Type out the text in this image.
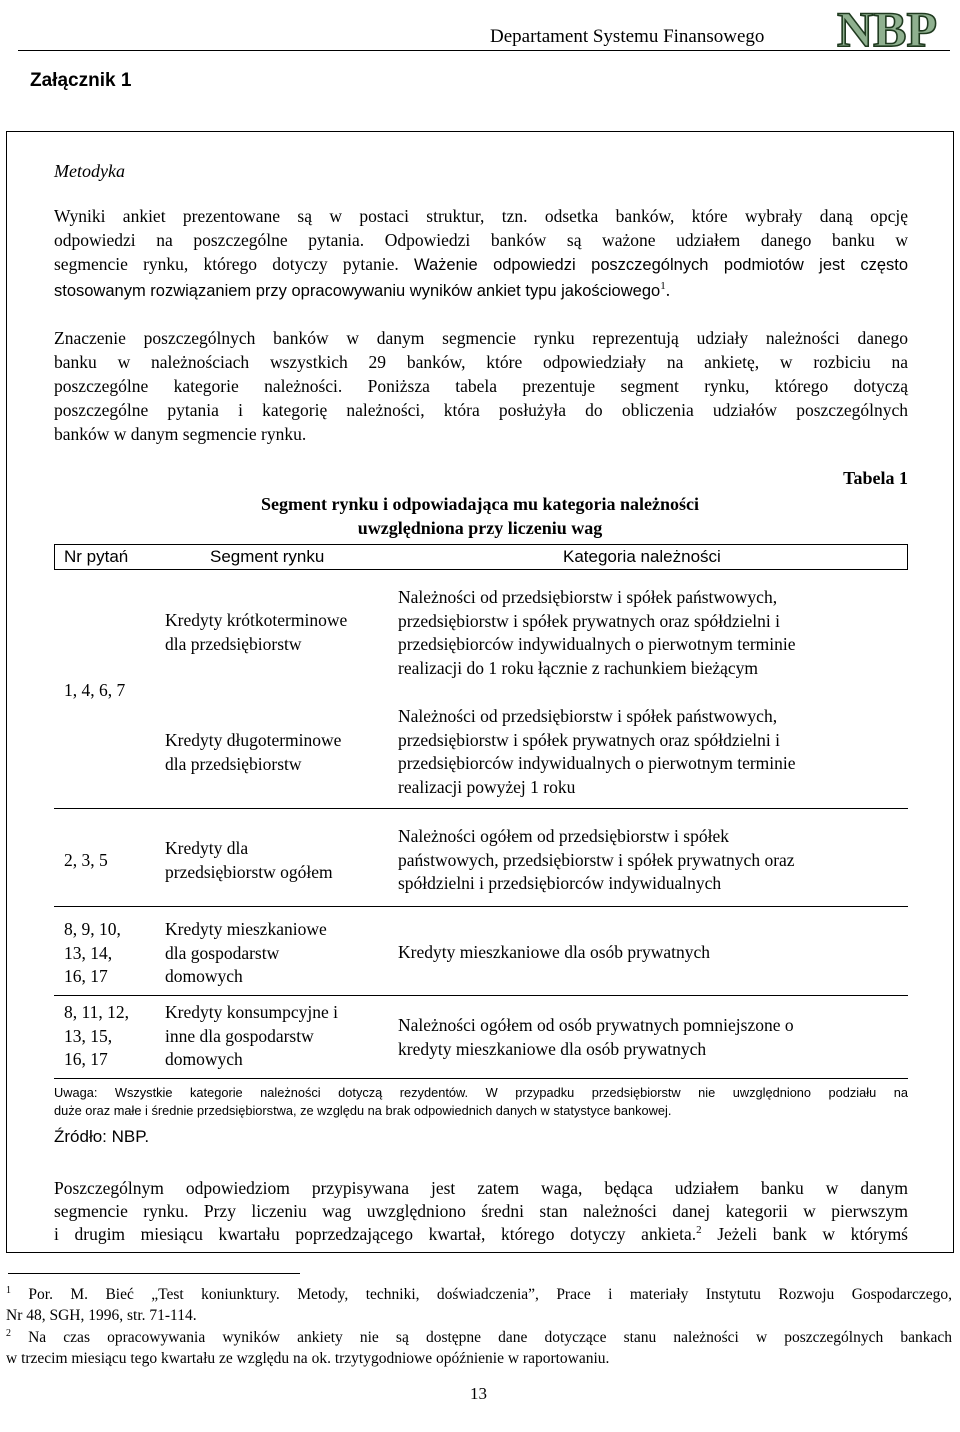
Departament Systemu Finansowego NBP
Załącznik 1
Metodyka
Wyniki ankiet prezentowane są w postaci struktur, tzn. odsetka banków, które wybrały daną opcję
odpowiedzi na poszczególne pytania. Odpowiedzi banków są ważone udziałem danego banku w
segmencie rynku, którego dotyczy pytanie. Ważenie odpowiedzi poszczególnych podmiotów jest często
stosowanym rozwiązaniem przy opracowywaniu wyników ankiet typu jakościowego$^1$.
Znaczenie poszczególnych banków w danym segmencie rynku reprezentują udziały należności danego
banku w należnościach wszystkich 29 banków, które odpowiedziały na ankietę, w rozbiciu na
poszczególne kategorie należności. Poniższa tabela prezentuje segment rynku, którego dotyczą
poszczególne pytania i kategorię należności, która posłużyła do obliczenia udziałów poszczególnych
banków w danym segmencie rynku.
Tabela 1
Segment rynku i odpowiadająca mu kategoria należności
uwzględniona przy liczeniu wag
Nr pytań	Segment rynku	Kategoria należności
1, 4, 6, 7
Kredyty krótkoterminowe
dla przedsiębiorstw
Należności od przedsiębiorstw i spółek państwowych,
przedsiębiorstw i spółek prywatnych oraz spółdzielni i
przedsiębiorców indywidualnych o pierwotnym terminie
realizacji do 1 roku łącznie z rachunkiem bieżącym
Kredyty długoterminowe
dla przedsiębiorstw
Należności od przedsiębiorstw i spółek państwowych,
przedsiębiorstw i spółek prywatnych oraz spółdzielni i
przedsiębiorców indywidualnych o pierwotnym terminie
realizacji powyżej 1 roku
2, 3, 5
Kredyty dla
przedsiębiorstw ogółem
Należności ogółem od przedsiębiorstw i spółek
państwowych, przedsiębiorstw i spółek prywatnych oraz
spółdzielni i przedsiębiorców indywidualnych
8, 9, 10,
13, 14,
16, 17
Kredyty mieszkaniowe
dla gospodarstw
domowych
Kredyty mieszkaniowe dla osób prywatnych
8, 11, 12,
13, 15,
16, 17
Kredyty konsumpcyjne i
inne dla gospodarstw
domowych
Należności ogółem od osób prywatnych pomniejszone o
kredyty mieszkaniowe dla osób prywatnych
Uwaga: Wszystkie kategorie należności dotyczą rezydentów. W przypadku przedsiębiorstw nie uwzględniono podziału na
duże oraz małe i średnie przedsiębiorstwa, ze względu na brak odpowiednich danych w statystyce bankowej.
Źródło: NBP.
Poszczególnym odpowiedziom przypisywana jest zatem waga, będąca udziałem banku w danym
segmencie rynku. Przy liczeniu wag uwzględniono średni stan należności danej kategorii w pierwszym
i drugim miesiącu kwartału poprzedzającego kwartał, którego dotyczy ankieta.$^2$ Jeżeli bank w którymś
$^1$ Por. M. Bieć „Test koniunktury. Metody, techniki, doświadczenia”, Prace i materiały Instytutu Rozwoju Gospodarczego,
Nr 48, SGH, 1996, str. 71-114.
$^2$ Na czas opracowywania wyników ankiety nie są dostępne dane dotyczące stanu należności w poszczególnych bankach
w trzecim miesiącu tego kwartału ze względu na ok. trzytygodniowe opóźnienie w raportowaniu.
13
